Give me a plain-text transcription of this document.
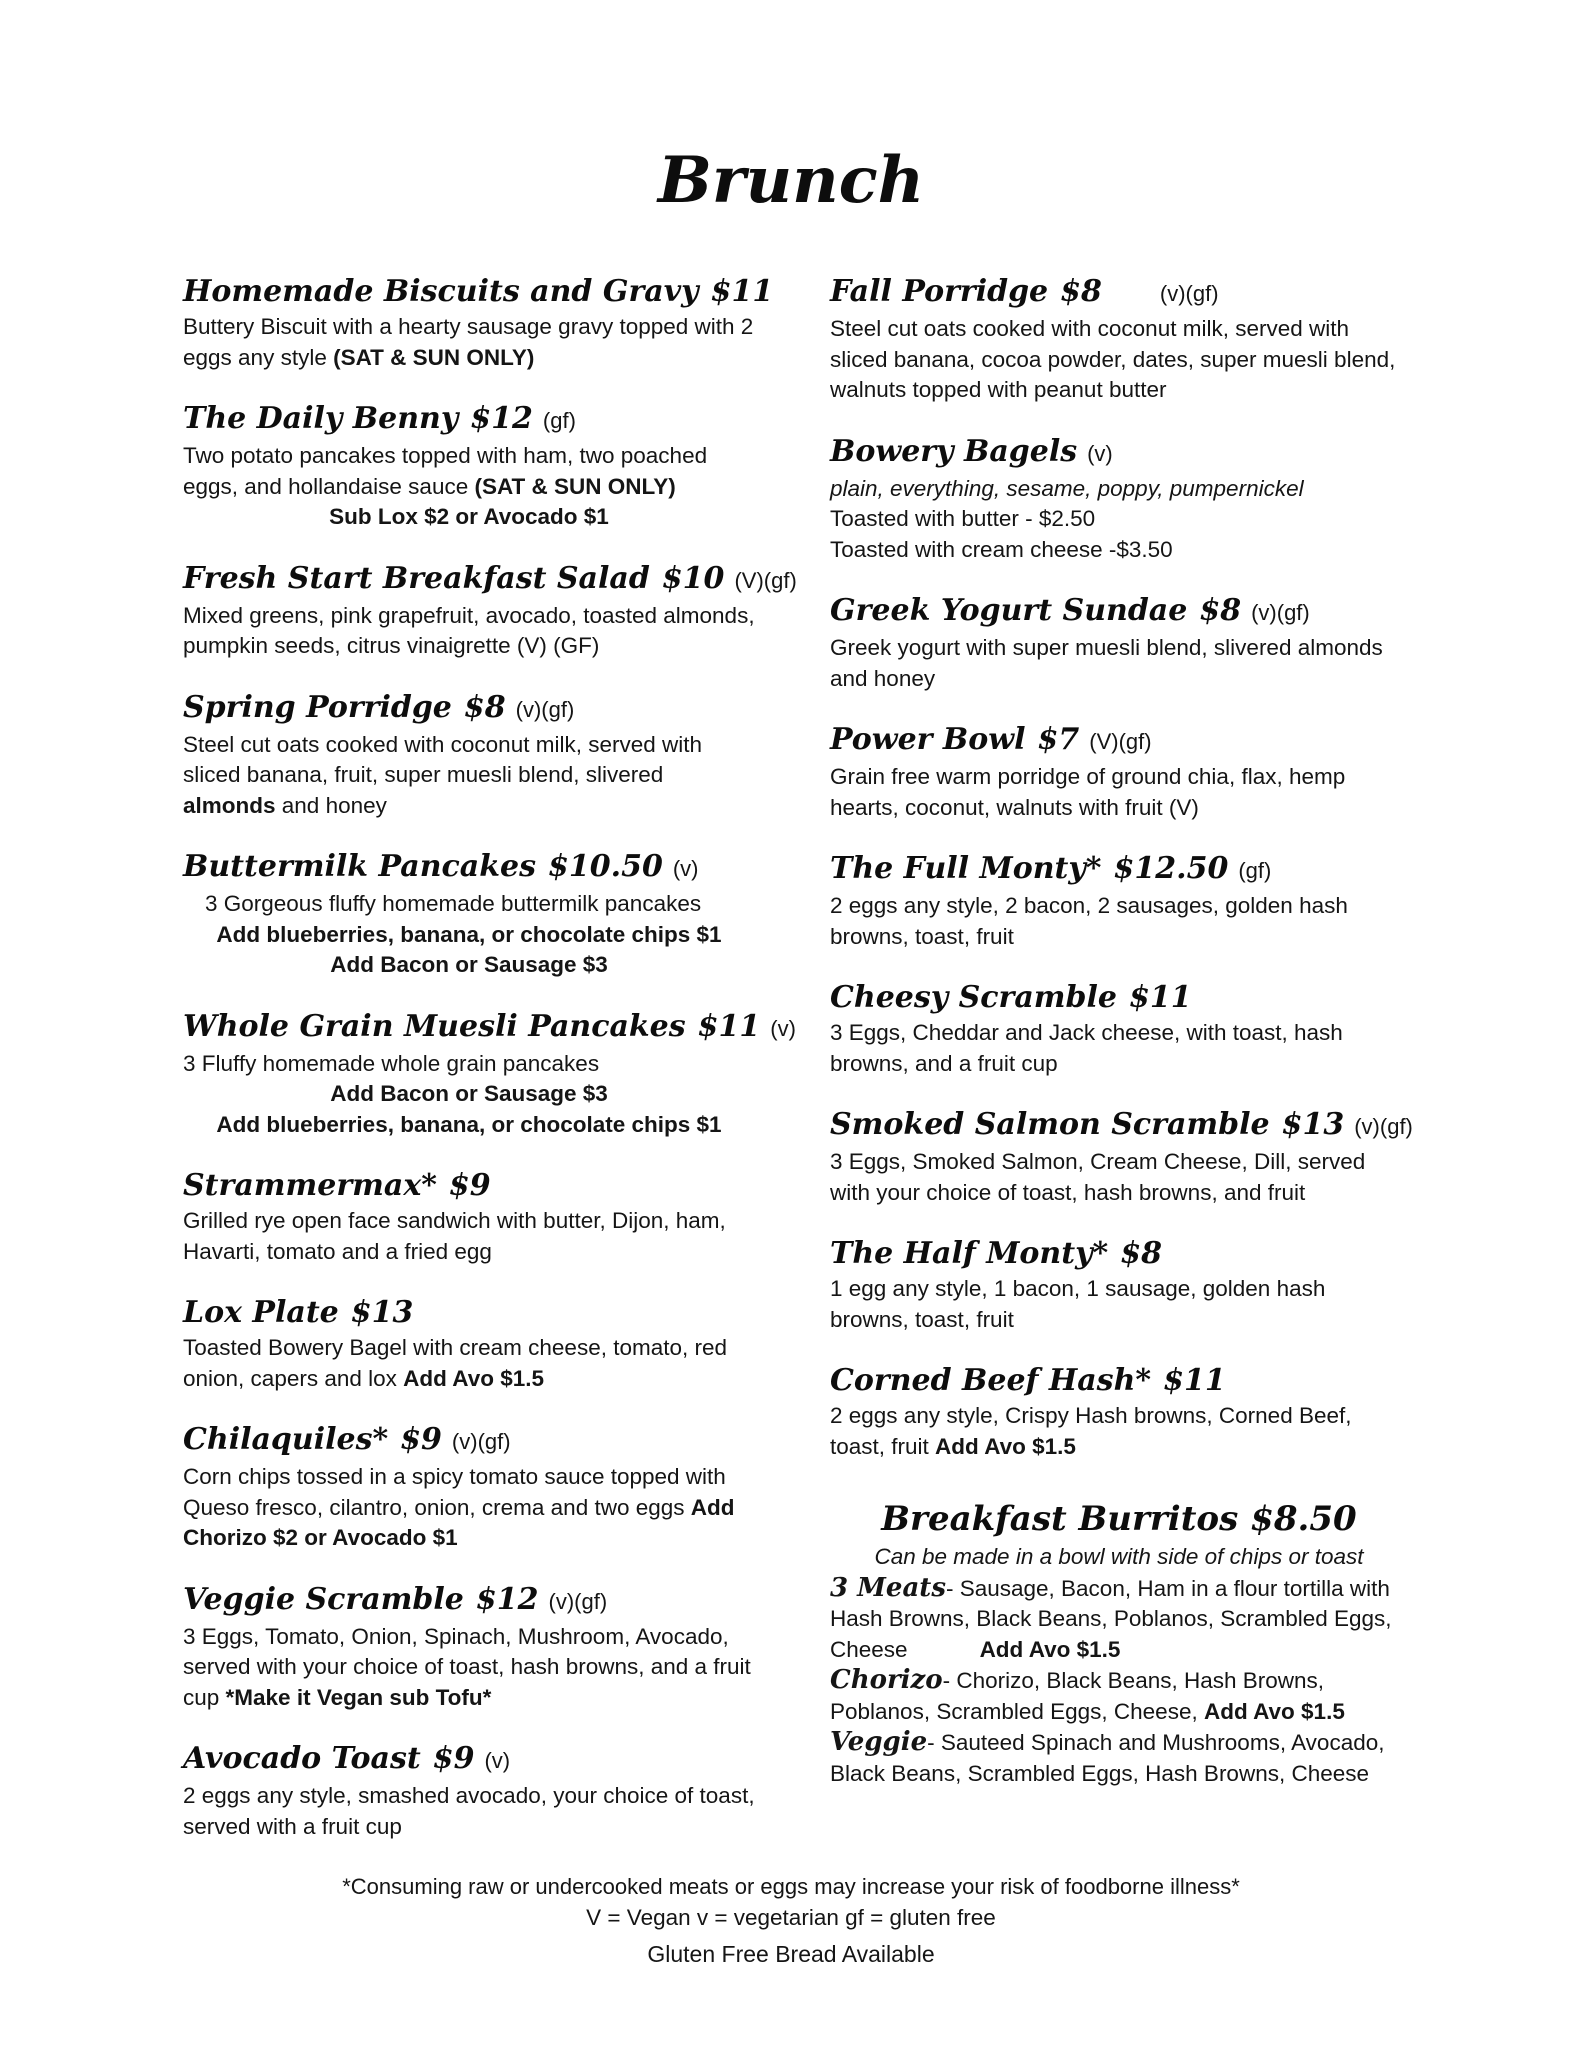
Brunch
Homemade Biscuits and Gravy $11
Buttery Biscuit with a hearty sausage gravy topped with 2 eggs any style (SAT & SUN ONLY)
The Daily Benny $12 (gf)
Two potato pancakes topped with ham, two poached eggs, and hollandaise sauce (SAT & SUN ONLY)
Sub Lox $2 or Avocado $1
Fresh Start Breakfast Salad $10 (V)(gf)
Mixed greens, pink grapefruit, avocado, toasted almonds, pumpkin seeds, citrus vinaigrette (V) (GF)
Spring Porridge $8 (v)(gf)
Steel cut oats cooked with coconut milk, served with sliced banana, fruit, super muesli blend, slivered almonds and honey
Buttermilk Pancakes $10.50 (v)
3 Gorgeous fluffy homemade buttermilk pancakes
Add blueberries, banana, or chocolate chips $1
Add Bacon or Sausage $3
Whole Grain Muesli Pancakes $11 (v)
3 Fluffy homemade whole grain pancakes
Add Bacon or Sausage $3
Add blueberries, banana, or chocolate chips $1
Strammermax* $9
Grilled rye open face sandwich with butter, Dijon, ham, Havarti, tomato and a fried egg
Lox Plate $13
Toasted Bowery Bagel with cream cheese, tomato, red onion, capers and lox Add Avo $1.5
Chilaquiles* $9 (v)(gf)
Corn chips tossed in a spicy tomato sauce topped with Queso fresco, cilantro, onion, crema and two eggs Add Chorizo $2 or Avocado $1
Veggie Scramble $12 (v)(gf)
3 Eggs, Tomato, Onion, Spinach, Mushroom, Avocado, served with your choice of toast, hash browns, and a fruit cup *Make it Vegan sub Tofu*
Avocado Toast $9 (v)
2 eggs any style, smashed avocado, your choice of toast, served with a fruit cup
Fall Porridge $8	(v)(gf)
Steel cut oats cooked with coconut milk, served with sliced banana, cocoa powder, dates, super muesli blend, walnuts topped with peanut butter
Bowery Bagels (v)
plain, everything, sesame, poppy, pumpernickel
Toasted with butter - $2.50
Toasted with cream cheese -$3.50
Greek Yogurt Sundae $8 (v)(gf)
Greek yogurt with super muesli blend, slivered almonds and honey
Power Bowl $7 (V)(gf)
Grain free warm porridge of ground chia, flax, hemp hearts, coconut, walnuts with fruit (V)
The Full Monty* $12.50 (gf)
2 eggs any style, 2 bacon, 2 sausages, golden hash browns, toast, fruit
Cheesy Scramble $11
3 Eggs, Cheddar and Jack cheese, with toast, hash browns, and a fruit cup
Smoked Salmon Scramble $13 (v)(gf)
3 Eggs, Smoked Salmon, Cream Cheese, Dill, served with your choice of toast, hash browns, and fruit
The Half Monty* $8
1 egg any style, 1 bacon, 1 sausage, golden hash browns, toast, fruit
Corned Beef Hash* $11
2 eggs any style, Crispy Hash browns, Corned Beef, toast, fruit Add Avo $1.5
Breakfast Burritos $8.50
Can be made in a bowl with side of chips or toast
3 Meats- Sausage, Bacon, Ham in a flour tortilla with Hash Browns, Black Beans, Poblanos, Scrambled Eggs, Cheese	Add Avo $1.5
Chorizo- Chorizo, Black Beans, Hash Browns, Poblanos, Scrambled Eggs, Cheese, Add Avo $1.5
Veggie- Sauteed Spinach and Mushrooms, Avocado, Black Beans, Scrambled Eggs, Hash Browns, Cheese

*Consuming raw or undercooked meats or eggs may increase your risk of foodborne illness*

V = Vegan v = vegetarian gf = gluten free

Gluten Free Bread Available
